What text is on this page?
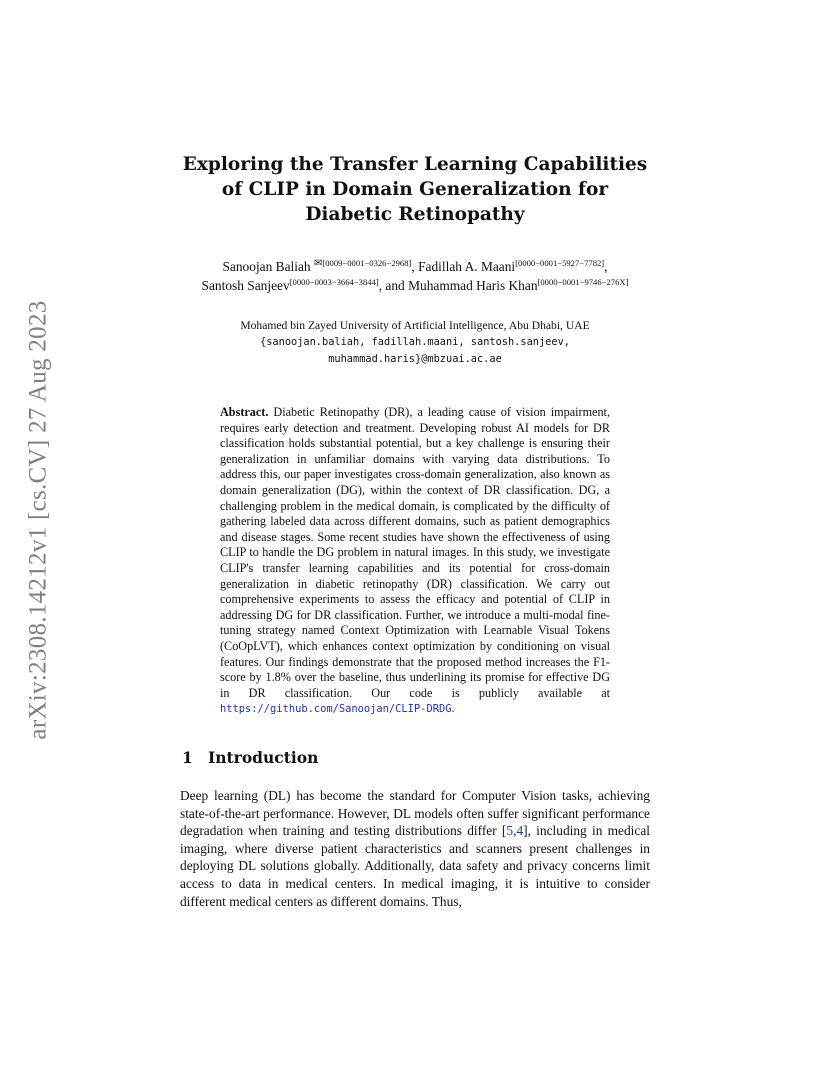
arXiv:2308.14212v1 [cs.CV] 27 Aug 2023
Exploring the Transfer Learning Capabilities of CLIP in Domain Generalization for Diabetic Retinopathy
Sanoojan Baliah $^{✉[0009-0001-0326-2968]}$, Fadillah A. Maani[0000−0001−5927−7782],
Santosh Sanjeev[0000−0003−3664−3844], and Muhammad Haris Khan[0000−0001−9746−276X]
Mohamed bin Zayed University of Artificial Intelligence, Abu Dhabi, UAE
{sanoojan.baliah, fadillah.maani, santosh.sanjeev,
muhammad.haris}@mbzuai.ac.ae
Abstract. Diabetic Retinopathy (DR), a leading cause of vision impairment, requires early detection and treatment. Developing robust AI models for DR classification holds substantial potential, but a key challenge is ensuring their generalization in unfamiliar domains with varying data distributions. To address this, our paper investigates cross-domain generalization, also known as domain generalization (DG), within the context of DR classification. DG, a challenging problem in the medical domain, is complicated by the difficulty of gathering labeled data across different domains, such as patient demographics and disease stages. Some recent studies have shown the effectiveness of using CLIP to handle the DG problem in natural images. In this study, we investigate CLIP's transfer learning capabilities and its potential for cross-domain generalization in diabetic retinopathy (DR) classification. We carry out comprehensive experiments to assess the efficacy and potential of CLIP in addressing DG for DR classification. Further, we introduce a multi-modal fine-tuning strategy named Context Optimization with Learnable Visual Tokens (CoOpLVT), which enhances context optimization by conditioning on visual features. Our findings demonstrate that the proposed method increases the F1-score by 1.8% over the baseline, thus underlining its promise for effective DG in DR classification. Our code is publicly available at https://github.com/Sanoojan/CLIP-DRDG.
1 Introduction
Deep learning (DL) has become the standard for Computer Vision tasks, achieving state-of-the-art performance. However, DL models often suffer significant performance degradation when training and testing distributions differ [5,4], including in medical imaging, where diverse patient characteristics and scanners present challenges in deploying DL solutions globally. Additionally, data safety and privacy concerns limit access to data in medical centers. In medical imaging, it is intuitive to consider different medical centers as different domains. Thus,
